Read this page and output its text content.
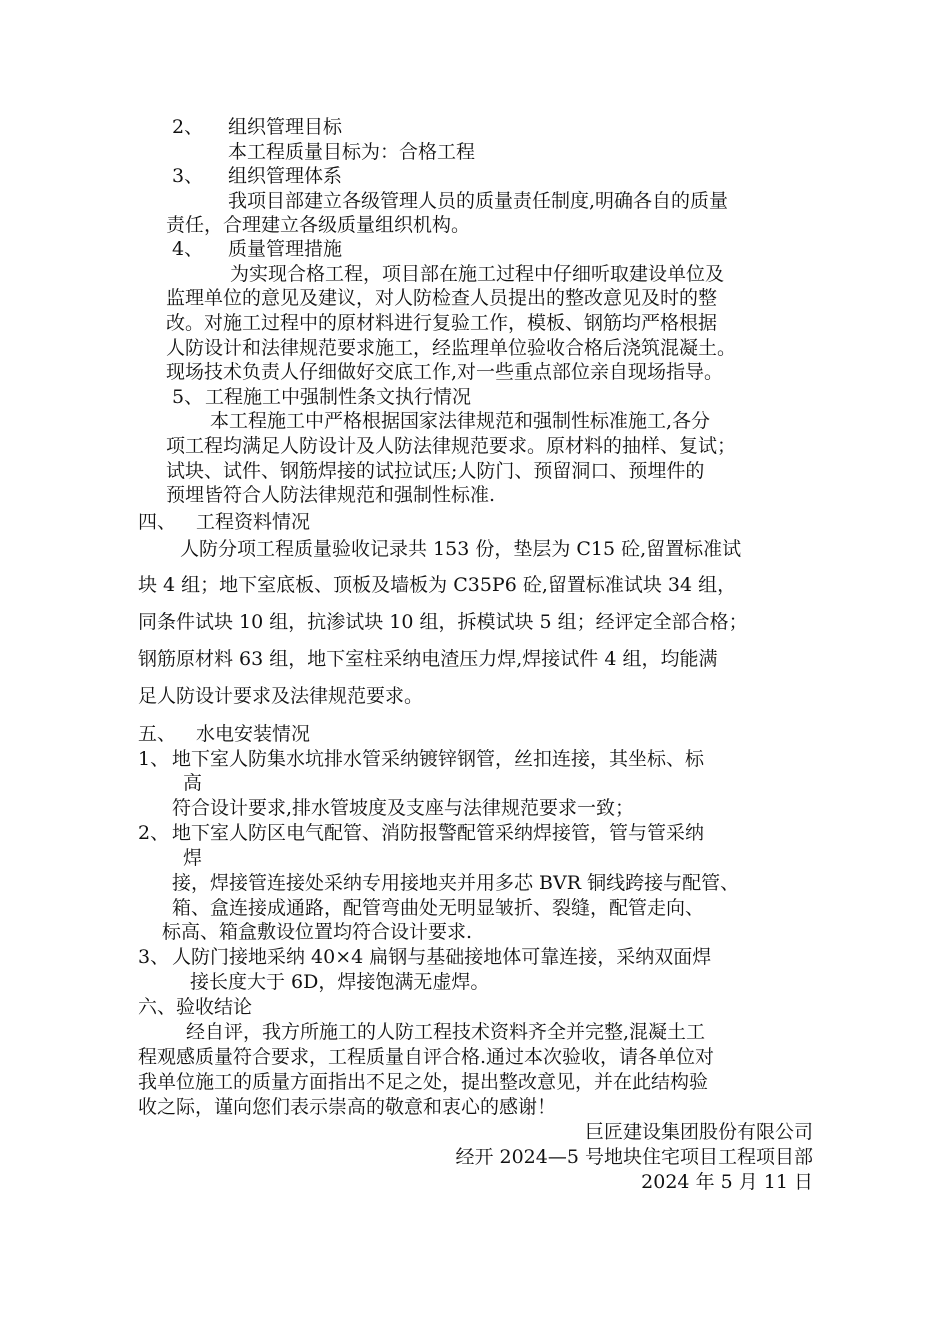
2、 组织管理目标
本工程质量目标为：合格工程
3、 组织管理体系
我项目部建立各级管理人员的质量责任制度,明确各自的质量
责任，合理建立各级质量组织机构。
4、 质量管理措施
为实现合格工程，项目部在施工过程中仔细听取建设单位及
监理单位的意见及建议，对人防检查人员提出的整改意见及时的整
改。对施工过程中的原材料进行复验工作，模板、钢筋均严格根据
人防设计和法律规范要求施工，经监理单位验收合格后浇筑混凝土。
现场技术负责人仔细做好交底工作,对一些重点部位亲自现场指导。
5、 工程施工中强制性条文执行情况
本工程施工中严格根据国家法律规范和强制性标准施工,各分
项工程均满足人防设计及人防法律规范要求。原材料的抽样、复试；
试块、试件、钢筋焊接的试拉试压;人防门、预留洞口、预埋件的
预埋皆符合人防法律规范和强制性标准.
四、 工程资料情况
人防分项工程质量验收记录共 153 份，垫层为 C15 砼,留置标准试
块 4 组；地下室底板、顶板及墙板为 C35P6 砼,留置标准试块 34 组，
同条件试块 10 组，抗渗试块 10 组，拆模试块 5 组；经评定全部合格；
钢筋原材料 63 组，地下室柱采纳电渣压力焊,焊接试件 4 组，均能满
足人防设计要求及法律规范要求。
五、 水电安装情况
1、 地下室人防集水坑排水管采纳镀锌钢管，丝扣连接，其坐标、标
高
符合设计要求,排水管坡度及支座与法律规范要求一致；
2、 地下室人防区电气配管、消防报警配管采纳焊接管，管与管采纳
焊
接，焊接管连接处采纳专用接地夹并用多芯 BVR 铜线跨接与配管、
箱、盒连接成通路，配管弯曲处无明显皱折、裂缝，配管走向、
标高、箱盒敷设位置均符合设计要求.
3、 人防门接地采纳 40×4 扁钢与基础接地体可靠连接，采纳双面焊
接长度大于 6D，焊接饱满无虚焊。
六、验收结论
经自评，我方所施工的人防工程技术资料齐全并完整,混凝土工
程观感质量符合要求，工程质量自评合格.通过本次验收，请各单位对
我单位施工的质量方面指出不足之处，提出整改意见，并在此结构验
收之际，谨向您们表示崇高的敬意和衷心的感谢！
巨匠建设集团股份有限公司
经开 2024—5 号地块住宅项目工程项目部
2024 年 5 月 11 日
